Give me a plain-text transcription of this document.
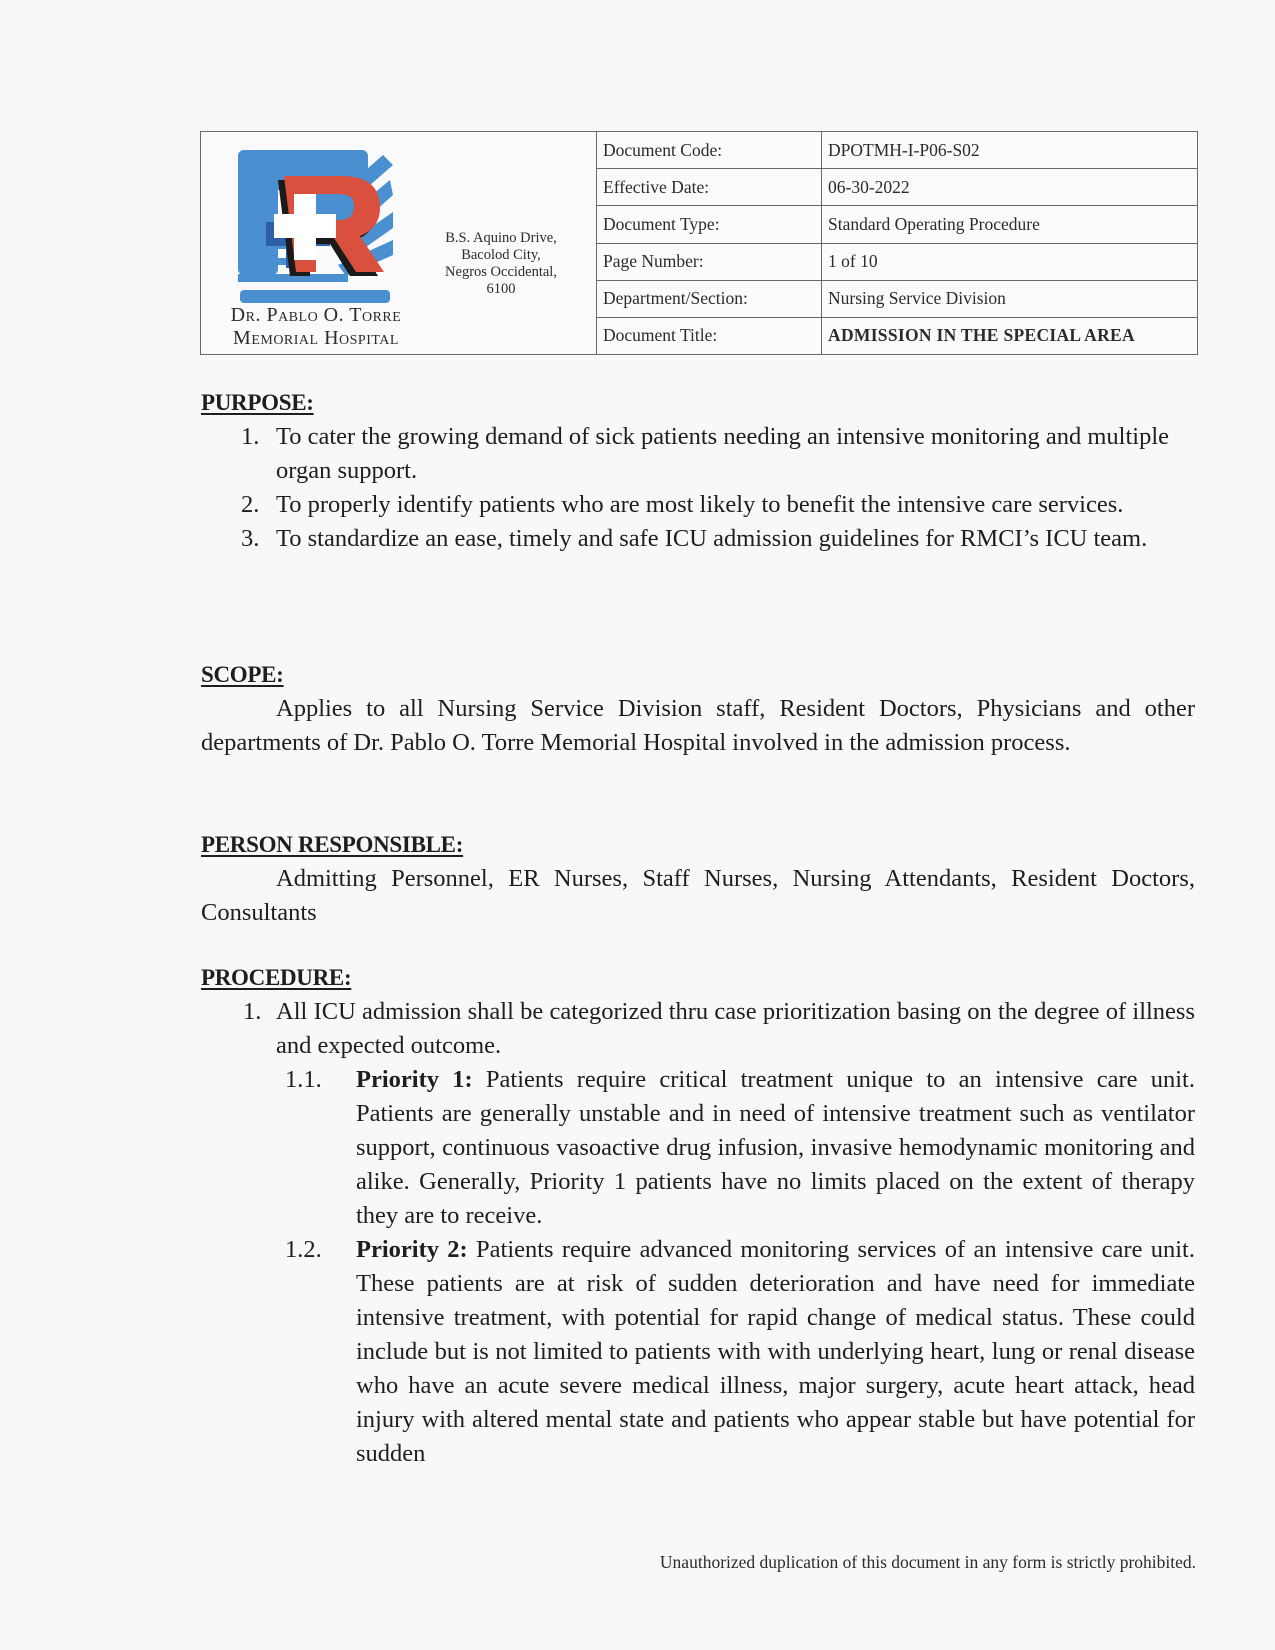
Dr. Pablo O. Torre
Memorial Hospital
B.S. Aquino Drive,
Bacolod City,
Negros Occidental,
6100
Document Code:	DPOTMH-I-P06-S02
Effective Date:	06-30-2022
Document Type:	Standard Operating Procedure
Page Number:	1 of 10
Department/Section:	Nursing Service Division
Document Title:	ADMISSION IN THE SPECIAL AREA
PURPOSE:
1. To cater the growing demand of sick patients needing an intensive monitoring and multiple organ support.
2. To properly identify patients who are most likely to benefit the intensive care services.
3. To standardize an ease, timely and safe ICU admission guidelines for RMCI’s ICU team.
SCOPE:
Applies to all Nursing Service Division staff, Resident Doctors, Physicians and other departments of Dr. Pablo O. Torre Memorial Hospital involved in the admission process.
PERSON RESPONSIBLE:
Admitting Personnel, ER Nurses, Staff Nurses, Nursing Attendants, Resident Doctors, Consultants
PROCEDURE:
1. All ICU admission shall be categorized thru case prioritization basing on the degree of illness and expected outcome.
1.1. Priority 1: Patients require critical treatment unique to an intensive care unit. Patients are generally unstable and in need of intensive treatment such as ventilator support, continuous vasoactive drug infusion, invasive hemodynamic monitoring and alike. Generally, Priority 1 patients have no limits placed on the extent of therapy they are to receive.
1.2. Priority 2: Patients require advanced monitoring services of an intensive care unit. These patients are at risk of sudden deterioration and have need for immediate intensive treatment, with potential for rapid change of medical status. These could include but is not limited to patients with with underlying heart, lung or renal disease who have an acute severe medical illness, major surgery, acute heart attack, head injury with altered mental state and patients who appear stable but have potential for sudden
Unauthorized duplication of this document in any form is strictly prohibited.
